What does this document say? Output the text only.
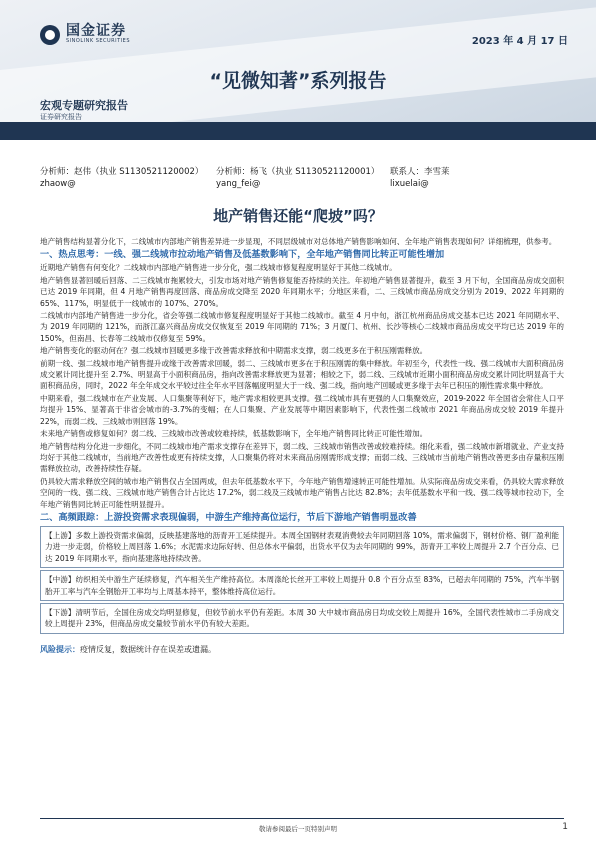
国金证券
SINOLINK SECURITIES	2023 年 4 月 17 日
“见微知著”系列报告
宏观专题研究报告
证券研究报告
分析师：赵伟（执业 S1130521120002）
zhaow@
分析师：杨飞（执业 S1130521120001）
yang_fei@
联系人：李雪莱
lixuelai@
地产销售还能“爬坡”吗？

地产销售结构显著分化下，二线城市内部地产销售差异进一步显现，不同层级城市对总体地产销售影响如何、全年地产销售表现如何？详细梳理，供参考。

一、热点思考：一线、强二线城市拉动地产销售及低基数影响下，全年地产销售同比转正可能性增加

近期地产销售有何变化？二线城市内部地产销售进一步分化，强二线城市修复程度明显好于其他二线城市。

地产销售显著回暖后回落、二三线城市拖累较大，引发市场对地产销售修复能否持续的关注。年初地产销售显著提升，截至 3 月下旬，全国商品房成交面积已达 2019 年同期，但 4 月地产销售再度回落、商品房成交降至 2020 年同期水平；分地区来看，二、三线城市商品房成交分别为 2019、2022 年同期的 65%、117%，明显低于一线城市的 107%、270%。

二线城市内部地产销售进一步分化，省会等强二线城市修复程度明显好于其他二线城市。截至 4 月中旬，浙江杭州商品房成交基本已达 2021 年同期水平、为 2019 年同期的 121%，而浙江嘉兴商品房成交仅恢复至 2019 年同期的 71%；3 月厦门、杭州、长沙等核心二线城市商品房成交平均已达 2019 年的 150%，但南昌、长春等二线城市仅修复至 59%。

地产销售变化的驱动何在？强二线城市回暖更多缘于改善需求释放和中期需求支撑，弱二线更多在于积压刚需释放。

前期一线、强二线城市地产销售提升或缘于改善需求回暖，弱二、三线城市更多在于积压刚需的集中释放。年初至今，代表性一线、强二线城市大面积商品房成交累计同比提升至 2.7%、明显高于小面积商品房，指向改善需求释放更为显著；相较之下，弱二线、三线城市近期小面积商品房成交累计同比明显高于大面积商品房，同时，2022 年全年成交水平较过往全年水平回落幅度明显大于一线、强二线，指向地产回暖或更多缘于去年已积压的刚性需求集中释放。

中期来看，强二线城市在产业发展、人口集聚等利好下，地产需求相较更具支撑。强二线城市具有更强的人口集聚效应，2019-2022 年全国省会常住人口平均提升 15%、显著高于非省会城市的-3.7%的变幅；在人口集聚、产业发展等中期因素影响下，代表性强二线城市 2021 年商品房成交较 2019 年提升 22%，而弱二线、三线城市则回落 19%。

未来地产销售或修复如何？弱二线、三线城市改善或较难持续，低基数影响下，全年地产销售同比转正可能性增加。

地产销售结构分化进一步细化，不同二线城市地产需求支撑存在差异下，弱二线、三线城市销售改善或较难持续。细化来看，强二线城市新增就业、产业支持均好于其他二线城市，当前地产改善性或更有持续支撑，人口聚集仍将对未来商品房刚需形成支撑；而弱二线、三线城市当前地产销售改善更多由存量积压刚需释放拉动，改善持续性存疑。

仍具较大需求释放空间的城市地产销售仅占全国两成，但去年低基数水平下，今年地产销售增速转正可能性增加。从实际商品房成交来看，仍具较大需求释放空间的一线、强二线、三线城市地产销售合计占比达 17.2%，弱二线及三线城市地产销售占比达 82.8%；去年低基数水平和一线、强二线等城市拉动下，全年地产销售同比转正可能性明显提升。

二、高频跟踪：上游投资需求表现偏弱，中游生产维持高位运行，节后下游地产销售明显改善

【上游】多数上游投资需求偏弱，反映基建落地的沥青开工延续提升。本周全国钢材表观消费较去年同期回落 10%，需求偏弱下，钢材价格、钢厂盈利能力进一步走弱，价格较上周回落 1.6%；水泥需求边际好转、但总体水平偏弱，出货水平仅为去年同期的 99%，沥青开工率较上周提升 2.7 个百分点、已达 2019 年同期水平，指向基建落地持续改善。

【中游】纺织相关中游生产延续修复，汽车相关生产维持高位。本周涤纶长丝开工率较上周提升 0.8 个百分点至 83%，已超去年同期的 75%，汽车半钢胎开工率与汽车全钢胎开工率均与上周基本持平，整体维持高位运行。

【下游】清明节后，全国住房成交均明显修复，但较节前水平仍有差距。本周 30 大中城市商品房日均成交较上周提升 16%，全国代表性城市二手房成交较上周提升 23%，但商品房成交量较节前水平仍有较大差距。

风险提示：疫情反复，数据统计存在误差或遗漏。
敬请参阅最后一页特别声明	1
